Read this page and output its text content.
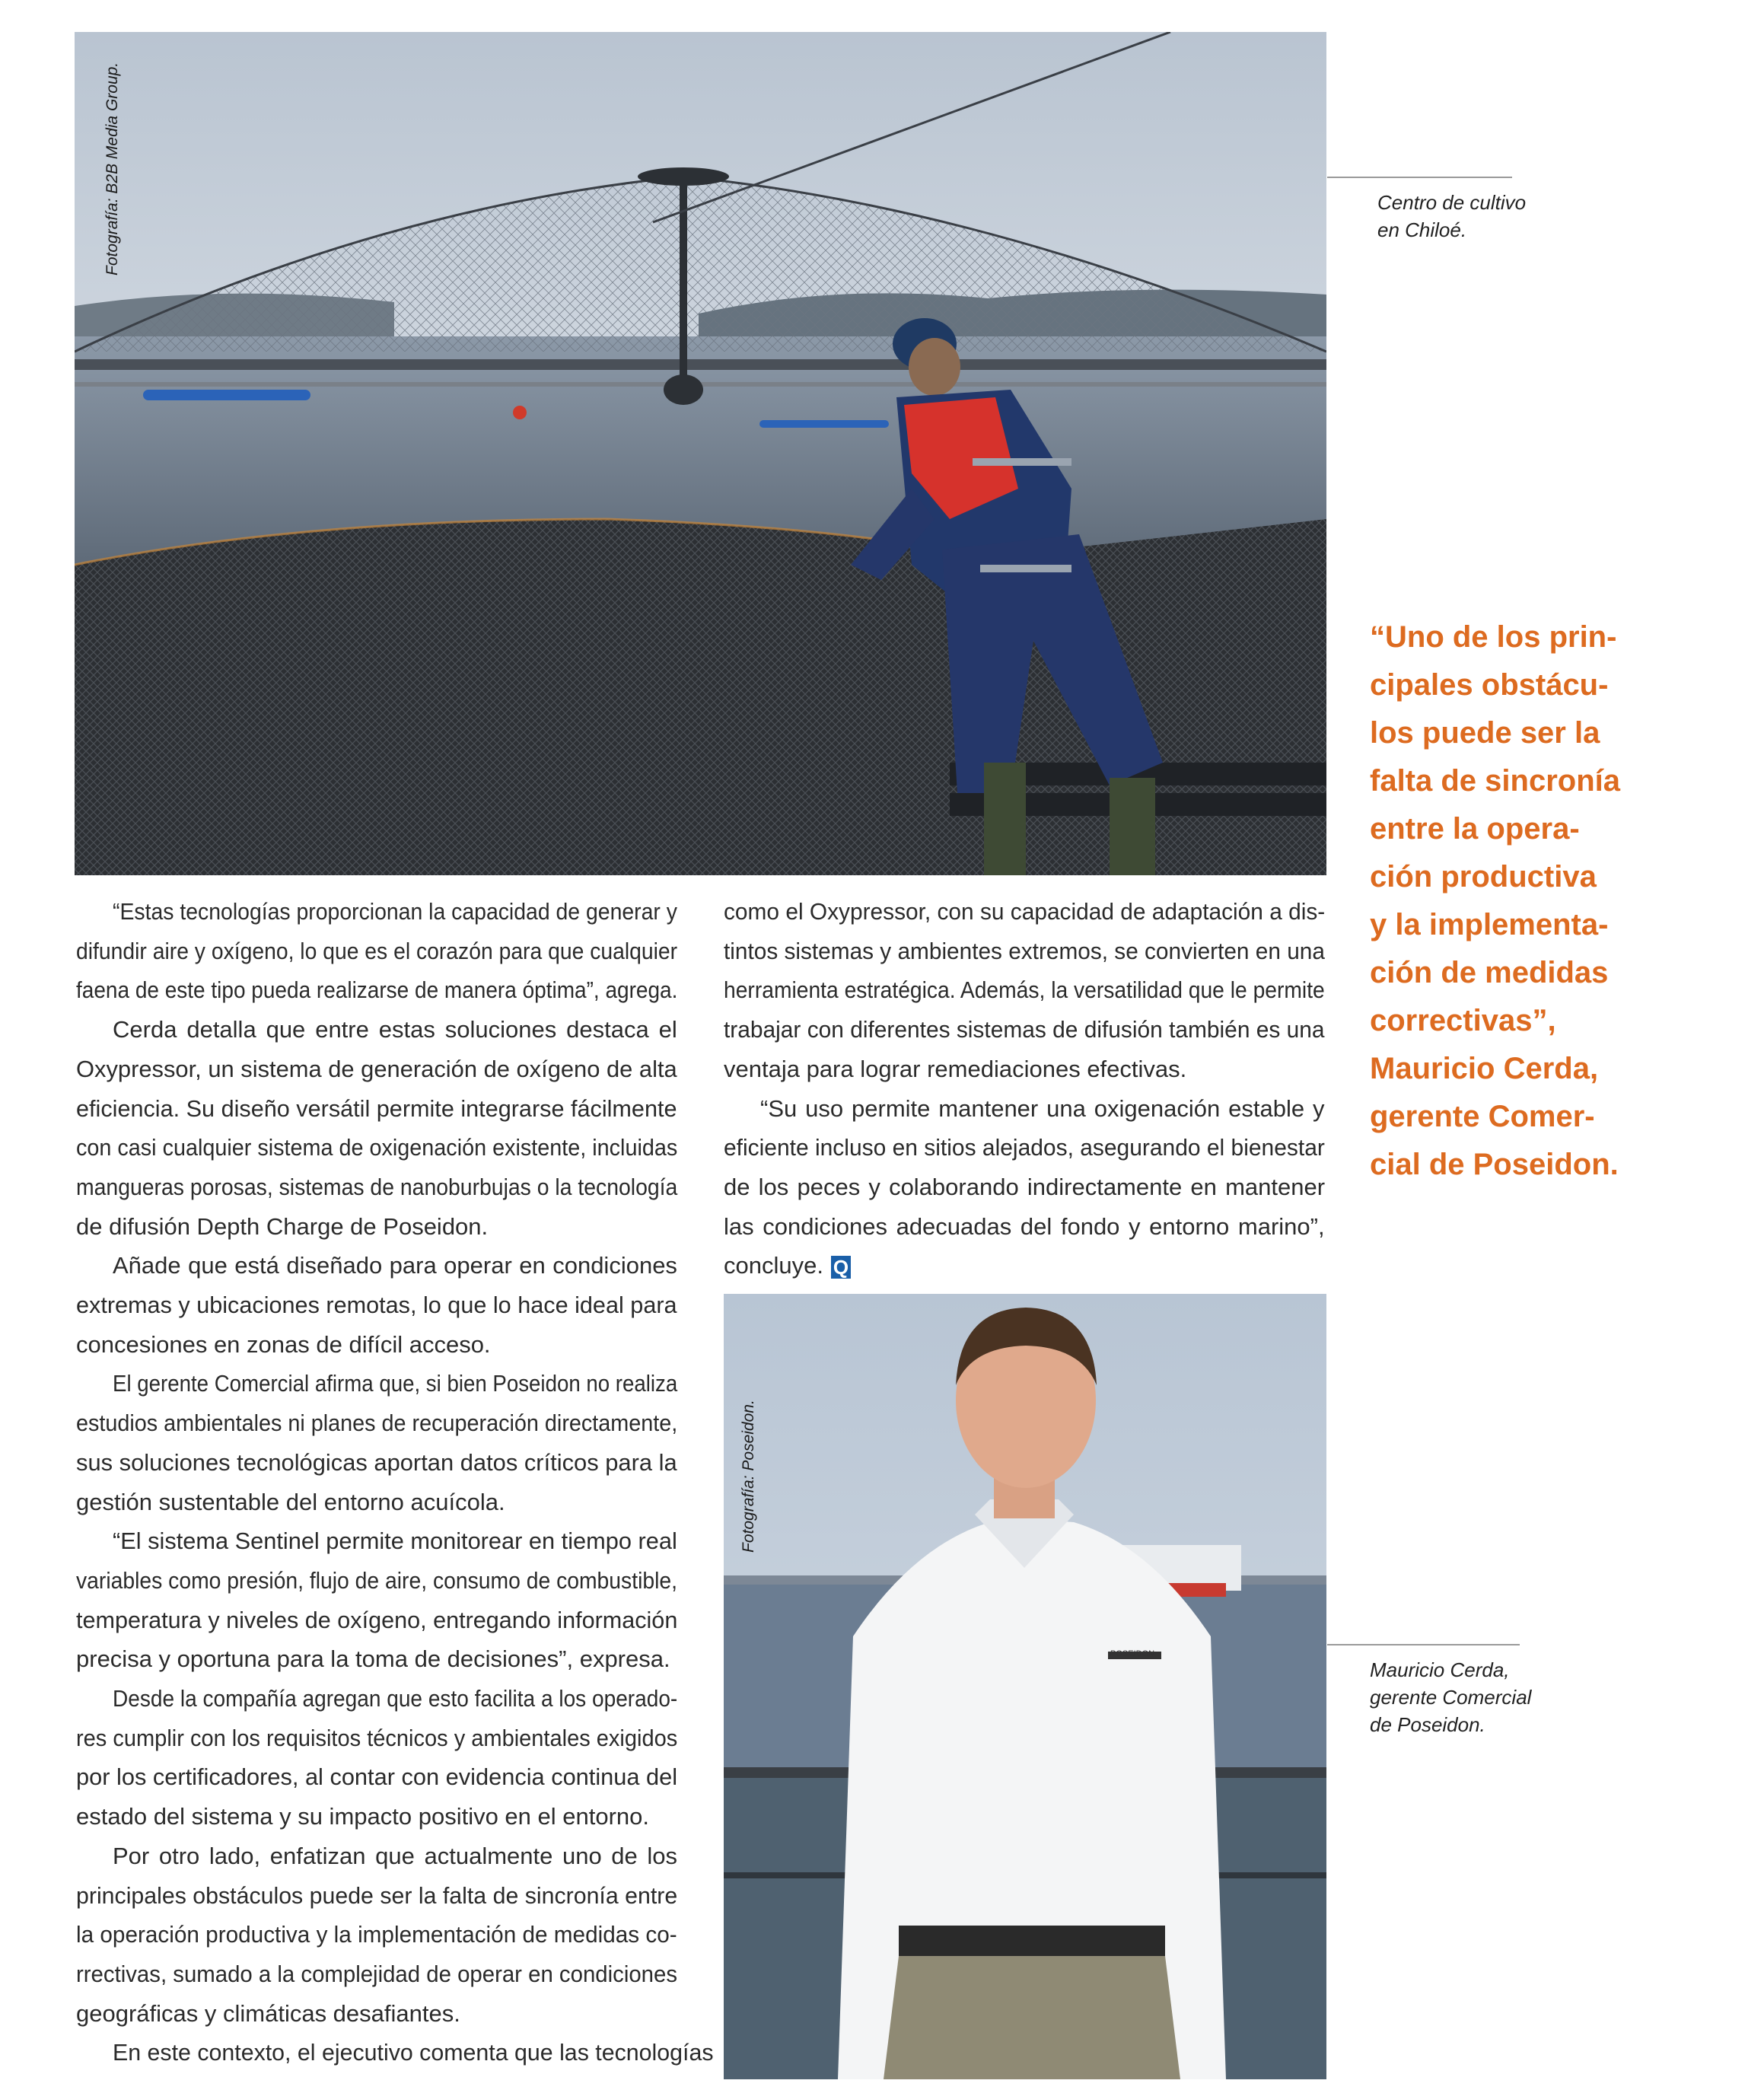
Fotografía: B2B Media Group.	Centro de cultivo
en Chiloé.
“Uno de los prin-
cipales obstácu-
los puede ser la
falta de sincronía
entre la opera-
ción productiva
y la implementa-
ción de medidas
correctivas”,
Mauricio Cerda,
gerente Comer-
cial de Poseidon.
“Estas tecnologías proporcionan la capacidad de generar y
difundir aire y oxígeno, lo que es el corazón para que cualquier
faena de este tipo pueda realizarse de manera óptima”, agrega.
Cerda detalla que entre estas soluciones destaca el
Oxypressor, un sistema de generación de oxígeno de alta
eficiencia. Su diseño versátil permite integrarse fácilmente
con casi cualquier sistema de oxigenación existente, incluidas
mangueras porosas, sistemas de nanoburbujas o la tecnología
de difusión Depth Charge de Poseidon.
Añade que está diseñado para operar en condiciones
extremas y ubicaciones remotas, lo que lo hace ideal para
concesiones en zonas de difícil acceso.
El gerente Comercial afirma que, si bien Poseidon no realiza
estudios ambientales ni planes de recuperación directamente,
sus soluciones tecnológicas aportan datos críticos para la
gestión sustentable del entorno acuícola.
“El sistema Sentinel permite monitorear en tiempo real
variables como presión, flujo de aire, consumo de combustible,
temperatura y niveles de oxígeno, entregando información
precisa y oportuna para la toma de decisiones”, expresa.
Desde la compañía agregan que esto facilita a los operado-
res cumplir con los requisitos técnicos y ambientales exigidos
por los certificadores, al contar con evidencia continua del
estado del sistema y su impacto positivo en el entorno.
Por otro lado, enfatizan que actualmente uno de los
principales obstáculos puede ser la falta de sincronía entre
la operación productiva y la implementación de medidas co-
rrectivas, sumado a la complejidad de operar en condiciones
geográficas y climáticas desafiantes.
En este contexto, el ejecutivo comenta que las tecnologías
como el Oxypressor, con su capacidad de adaptación a dis-
tintos sistemas y ambientes extremos, se convierten en una
herramienta estratégica. Además, la versatilidad que le permite
trabajar con diferentes sistemas de difusión también es una
ventaja para lograr remediaciones efectivas.
“Su uso permite mantener una oxigenación estable y
eficiente incluso en sitios alejados, asegurando el bienestar
de los peces y colaborando indirectamente en mantener
las condiciones adecuadas del fondo y entorno marino”,
concluye. Q
POSEIDON
Fotografía: Poseidon.
Mauricio Cerda,
gerente Comercial
de Poseidon.
